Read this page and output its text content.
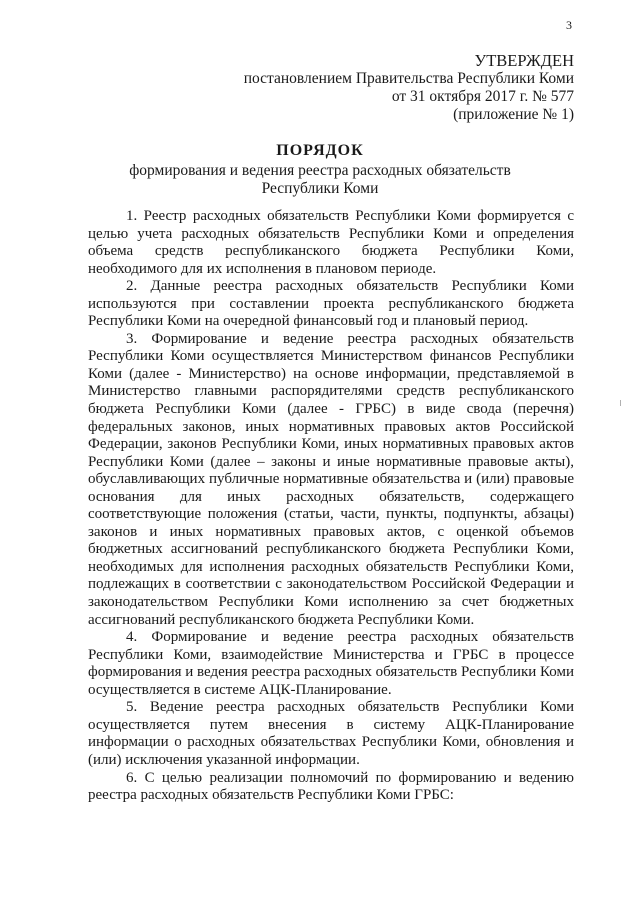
3
УТВЕРЖДЕН
постановлением Правительства Республики Коми
от 31 октября 2017 г. № 577
(приложение № 1)
ПОРЯДОК
формирования и ведения реестра расходных обязательств
Республики Коми

1. Реестр расходных обязательств Республики Коми формируется с целью учета расходных обязательств Республики Коми и определения объема средств республиканского бюджета Республики Коми, необходимого для их исполнения в плановом периоде.

2. Данные реестра расходных обязательств Республики Коми используются при составлении проекта республиканского бюджета Республики Коми на очередной финансовый год и плановый период.

3. Формирование и ведение реестра расходных обязательств Республики Коми осуществляется Министерством финансов Республики Коми (далее - Министерство) на основе информации, представляемой в Министерство главными распорядителями средств республиканского бюджета Республики Коми (далее - ГРБС) в виде свода (перечня) федеральных законов, иных нормативных правовых актов Российской Федерации, законов Республики Коми, иных нормативных правовых актов Республики Коми (далее – законы и иные нормативные правовые акты), обуславливающих публичные нормативные обязательства и (или) правовые основания для иных расходных обязательств, содержащего соответствующие положения (статьи, части, пункты, подпункты, абзацы) законов и иных нормативных правовых актов, с оценкой объемов бюджетных ассигнований республиканского бюджета Республики Коми, необходимых для исполнения расходных обязательств Республики Коми, подлежащих в соответствии с законодательством Российской Федерации и законодательством Республики Коми исполнению за счет бюджетных ассигнований республиканского бюджета Республики Коми.

4. Формирование и ведение реестра расходных обязательств Республики Коми, взаимодействие Министерства и ГРБС в процессе формирования и ведения реестра расходных обязательств Республики Коми осуществляется в системе АЦК-Планирование.

5. Ведение реестра расходных обязательств Республики Коми осуществляется путем внесения в систему АЦК-Планирование информации о расходных обязательствах Республики Коми, обновления и (или) исключения указанной информации.

6. С целью реализации полномочий по формированию и ведению реестра расходных обязательств Республики Коми ГРБС:
